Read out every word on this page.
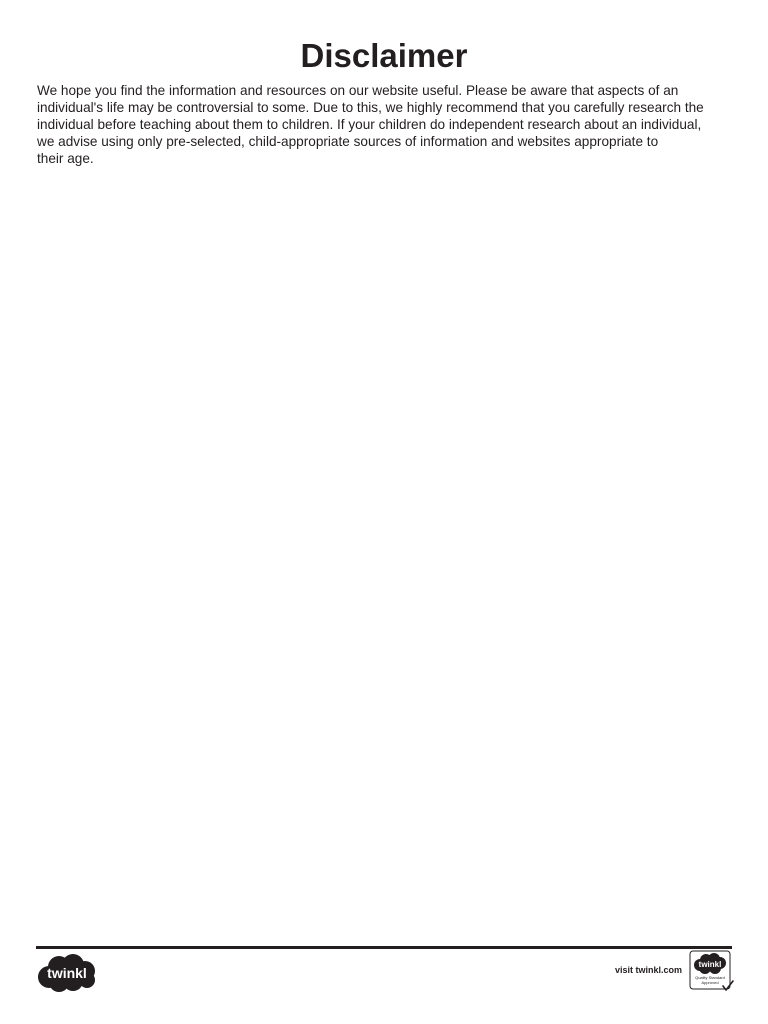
Disclaimer
We hope you find the information and resources on our website useful. Please be aware that aspects of an
individual's life may be controversial to some. Due to this, we highly recommend that you carefully research the
individual before teaching about them to children. If your children do independent research about an individual,
we advise using only pre-selected, child-appropriate sources of information and websites appropriate to
their age.
twinkl	visit twinkl.com
twinkl
Quality Standard
Approved
